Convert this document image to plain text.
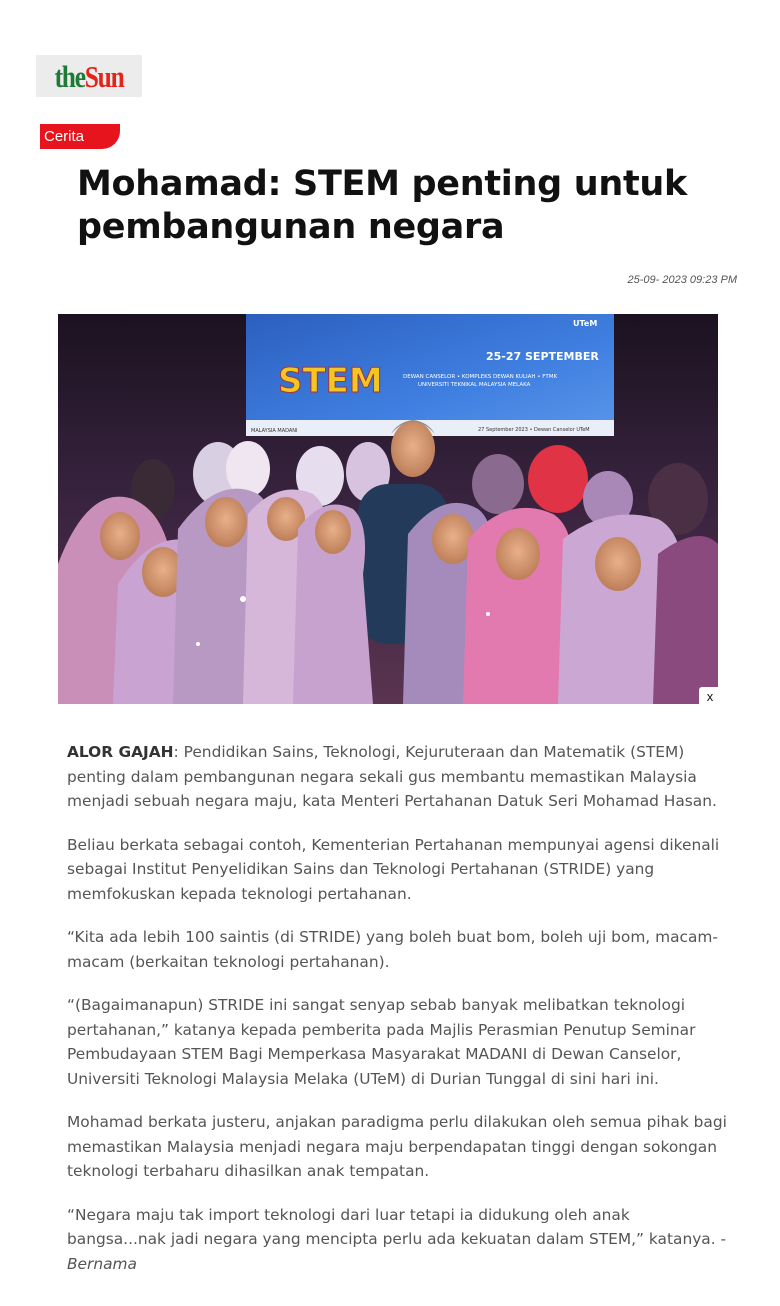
theSun
Cerita
Mohamad: STEM penting untuk pembangunan negara
25-09- 2023 09:23 PM
STEM
25-27 SEPTEMBER
DEWAN CANSELOR • KOMPLEKS DEWAN KULIAH • FTMK
UNIVERSITI TEKNIKAL MALAYSIA MELAKA
27 September 2023 • Dewan Canselor UTeM
UTeM
MALAYSIA MADANI
x

ALOR GAJAH: Pendidikan Sains, Teknologi, Kejuruteraan dan Matematik (STEM) penting dalam pembangunan negara sekali gus membantu memastikan Malaysia menjadi sebuah negara maju, kata Menteri Pertahanan Datuk Seri Mohamad Hasan.

Beliau berkata sebagai contoh, Kementerian Pertahanan mempunyai agensi dikenali sebagai Institut Penyelidikan Sains dan Teknologi Pertahanan (STRIDE) yang memfokuskan kepada teknologi pertahanan.

“Kita ada lebih 100 saintis (di STRIDE) yang boleh buat bom, boleh uji bom, macam-macam (berkaitan teknologi pertahanan).

“(Bagaimanapun) STRIDE ini sangat senyap sebab banyak melibatkan teknologi pertahanan,” katanya kepada pemberita pada Majlis Perasmian Penutup Seminar Pembudayaan STEM Bagi Memperkasa Masyarakat MADANI di Dewan Canselor, Universiti Teknologi Malaysia Melaka (UTeM) di Durian Tunggal di sini hari ini.

Mohamad berkata justeru, anjakan paradigma perlu dilakukan oleh semua pihak bagi memastikan Malaysia menjadi negara maju berpendapatan tinggi dengan sokongan teknologi terbaharu dihasilkan anak tempatan.

“Negara maju tak import teknologi dari luar tetapi ia didukung oleh anak bangsa...nak jadi negara yang mencipta perlu ada kekuatan dalam STEM,” katanya. -
Bernama
